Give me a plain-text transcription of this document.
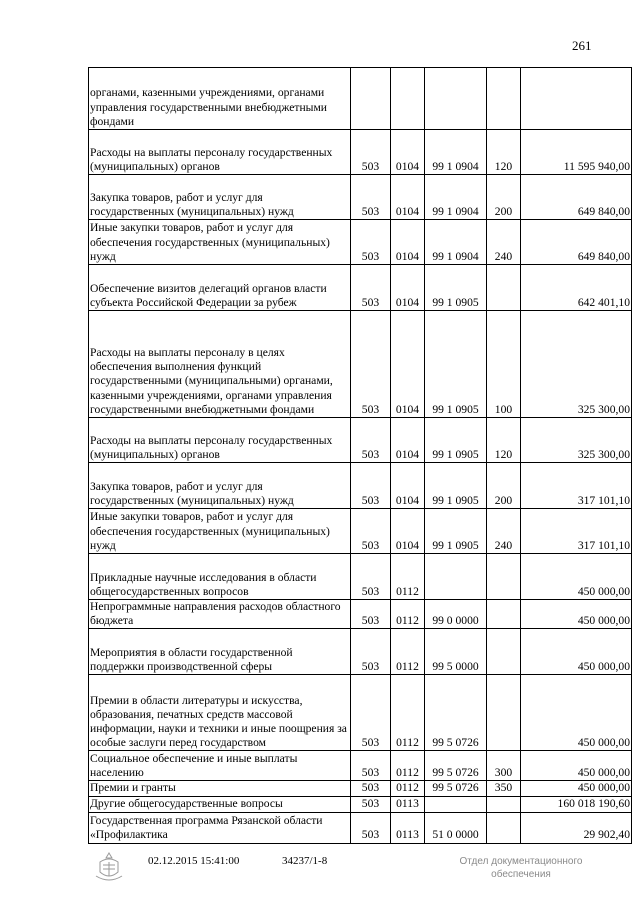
261
органами, казенными учреждениями, органами управления государственными внебюджетными фондами					
Расходы на выплаты персоналу государственных (муниципальных) органов	503	0104	99 1 0904	120	11 595 940,00
Закупка товаров, работ и услуг для государственных (муниципальных) нужд	503	0104	99 1 0904	200	649 840,00
Иные закупки товаров, работ и услуг для обеспечения государственных (муниципальных) нужд	503	0104	99 1 0904	240	649 840,00
Обеспечение визитов делегаций органов власти субъекта Российской Федерации за рубеж	503	0104	99 1 0905		642 401,10
Расходы на выплаты персоналу в целях обеспечения выполнения функций государственными (муниципальными) органами, казенными учреждениями, органами управления государственными внебюджетными фондами	503	0104	99 1 0905	100	325 300,00
Расходы на выплаты персоналу государственных (муниципальных) органов	503	0104	99 1 0905	120	325 300,00
Закупка товаров, работ и услуг для государственных (муниципальных) нужд	503	0104	99 1 0905	200	317 101,10
Иные закупки товаров, работ и услуг для обеспечения государственных (муниципальных) нужд	503	0104	99 1 0905	240	317 101,10
Прикладные научные исследования в области общегосударственных вопросов	503	0112			450 000,00
Непрограммные направления расходов областного бюджета	503	0112	99 0 0000		450 000,00
Мероприятия в области государственной поддержки производственной сферы	503	0112	99 5 0000		450 000,00
Премии в области литературы и искусства, образования, печатных средств массовой информации, науки и техники и иные поощрения за особые заслуги перед государством	503	0112	99 5 0726		450 000,00
Социальное обеспечение и иные выплаты населению	503	0112	99 5 0726	300	450 000,00
Премии и гранты	503	0112	99 5 0726	350	450 000,00
Другие общегосударственные вопросы	503	0113			160 018 190,60
Государственная программа Рязанской области «Профилактика	503	0113	51 0 0000		29 902,40
02.12.2015 15:41:00	34237/1-8	Отдел документационного
обеспечения
